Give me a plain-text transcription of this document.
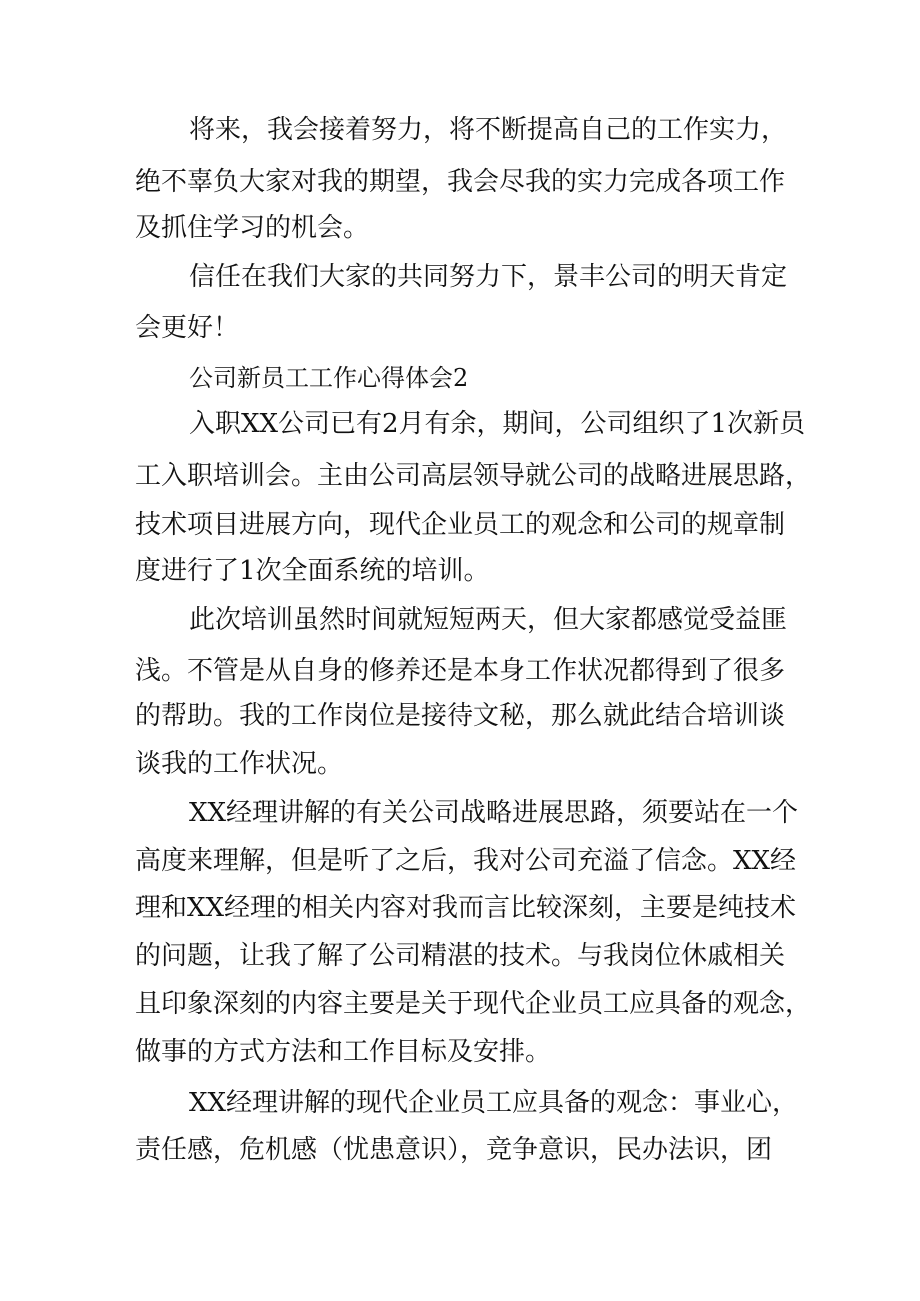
将来，我会接着努力，将不断提高自己的工作实力，
绝不辜负大家对我的期望，我会尽我的实力完成各项工作
及抓住学习的机会。
信任在我们大家的共同努力下，景丰公司的明天肯定
会更好！
公司新员工工作心得体会2
入职XX公司已有2月有余，期间，公司组织了1次新员
工入职培训会。主由公司高层领导就公司的战略进展思路，
技术项目进展方向，现代企业员工的观念和公司的规章制
度进行了1次全面系统的培训。
此次培训虽然时间就短短两天，但大家都感觉受益匪
浅。不管是从自身的修养还是本身工作状况都得到了很多
的帮助。我的工作岗位是接待文秘，那么就此结合培训谈
谈我的工作状况。
XX经理讲解的有关公司战略进展思路，须要站在一个
高度来理解，但是听了之后，我对公司充溢了信念。XX经
理和XX经理的相关内容对我而言比较深刻，主要是纯技术
的问题，让我了解了公司精湛的技术。与我岗位休戚相关
且印象深刻的内容主要是关于现代企业员工应具备的观念，
做事的方式方法和工作目标及安排。
XX经理讲解的现代企业员工应具备的观念：事业心，
责任感，危机感（忧患意识），竞争意识，民办法识，团
